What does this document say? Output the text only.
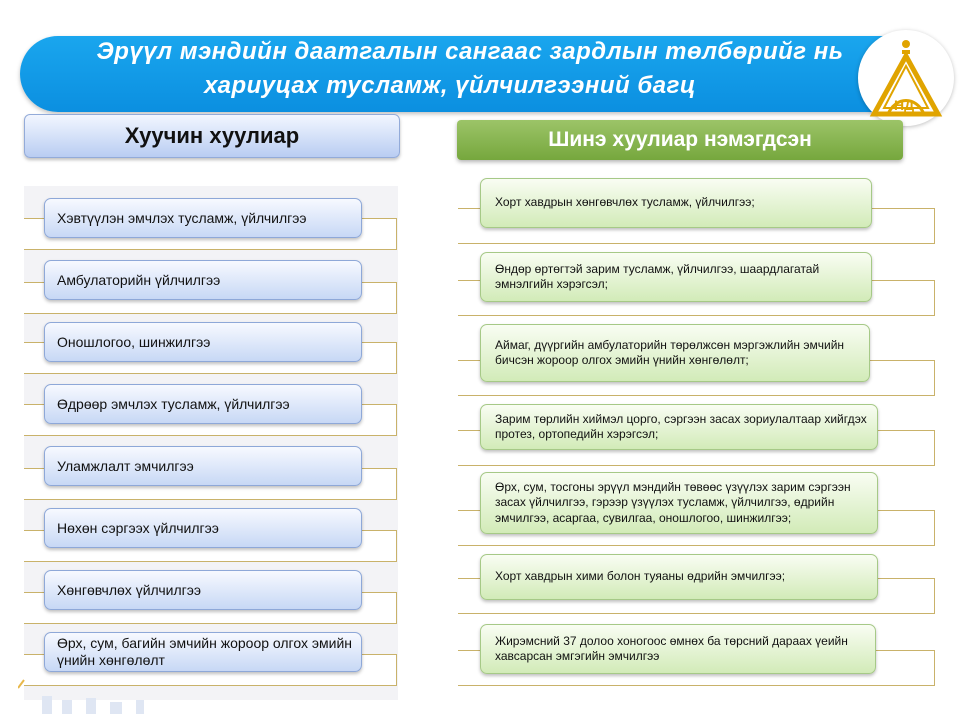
Эрүүл мэндийн даатгалын сангаас зардлын төлбөрийг нь
хариуцах тусламж, үйлчилгээний багц
НД
Хуучин хуулиар	Шинэ хуулиар нэмэгдсэн
Хэвтүүлэн эмчлэх тусламж, үйлчилгээ
Амбулаторийн үйлчилгээ
Оношлогоо, шинжилгээ
Өдрөөр эмчлэх тусламж, үйлчилгээ
Уламжлалт эмчилгээ
Нөхөн сэргээх үйлчилгээ
Хөнгөвчлөх үйлчилгээ
Өрх, сум, багийн эмчийн жороор олгох эмийн үнийн хөнгөлөлт
Хорт хавдрын хөнгөвчлөх тусламж, үйлчилгээ;
Өндөр өртөгтэй зарим тусламж, үйлчилгээ, шаардлагатай эмнэлгийн хэрэгсэл;
Аймаг, дүүргийн амбулаторийн төрөлжсөн мэргэжлийн эмчийн бичсэн жороор олгох эмийн үнийн хөнгөлөлт;
Зарим төрлийн хиймэл цорго, сэргээн засах зориулалтаар хийгдэх протез, ортопедийн хэрэгсэл;
Өрх, сум, тосгоны эрүүл мэндийн төвөөс үзүүлэх зарим сэргээн засах үйлчилгээ, гэрээр үзүүлэх тусламж, үйлчилгээ, өдрийн эмчилгээ, асаргаа, сувилгаа, оношлогоо, шинжилгээ;
Хорт хавдрын хими болон туяаны өдрийн эмчилгээ;
Жирэмсний 37 долоо хоногоос өмнөх ба төрсний дараах үеийн хавсарсан эмгэгийн эмчилгээ
